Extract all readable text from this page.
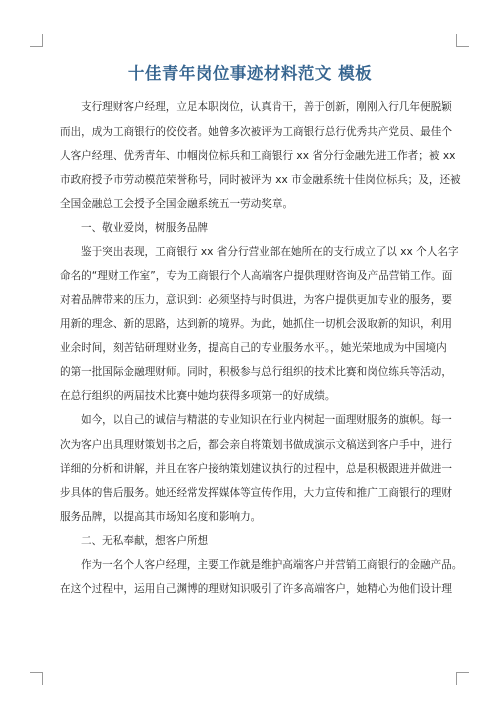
十佳青年岗位事迹材料范文 模板
支行理财客户经理，立足本职岗位，认真肯干，善于创新，刚刚入行几年便脱颖
而出，成为工商银行的佼佼者。她曾多次被评为工商银行总行优秀共产党员、最佳个
人客户经理、优秀青年、巾帼岗位标兵和工商银行 xx 省分行金融先进工作者；被 xx
市政府授予市劳动模范荣誉称号，同时被评为 xx 市金融系统十佳岗位标兵；及，还被
全国金融总工会授予全国金融系统五一劳动奖章。
一、敬业爱岗，树服务品牌
鉴于突出表现，工商银行 xx 省分行营业部在她所在的支行成立了以 xx 个人名字
命名的“理财工作室”，专为工商银行个人高端客户提供理财咨询及产品营销工作。面
对着品牌带来的压力，意识到：必须坚持与时俱进，为客户提供更加专业的服务，要
用新的理念、新的思路，达到新的境界。为此，她抓住一切机会汲取新的知识，利用
业余时间，刻苦钻研理财业务，提高自己的专业服务水平。，她光荣地成为中国境内
的第一批国际金融理财师。同时，积极参与总行组织的技术比赛和岗位练兵等活动，
在总行组织的两届技术比赛中她均获得多项第一的好成绩。
如今，以自己的诚信与精湛的专业知识在行业内树起一面理财服务的旗帜。每一
次为客户出具理财策划书之后，都会亲自将策划书做成演示文稿送到客户手中，进行
详细的分析和讲解，并且在客户接纳策划建议执行的过程中，总是积极跟进并做进一
步具体的售后服务。她还经常发挥媒体等宣传作用，大力宣传和推广工商银行的理财
服务品牌，以提高其市场知名度和影响力。
二、无私奉献，想客户所想
作为一名个人客户经理，主要工作就是维护高端客户并营销工商银行的金融产品。
在这个过程中，运用自己渊博的理财知识吸引了许多高端客户，她精心为他们设计理
